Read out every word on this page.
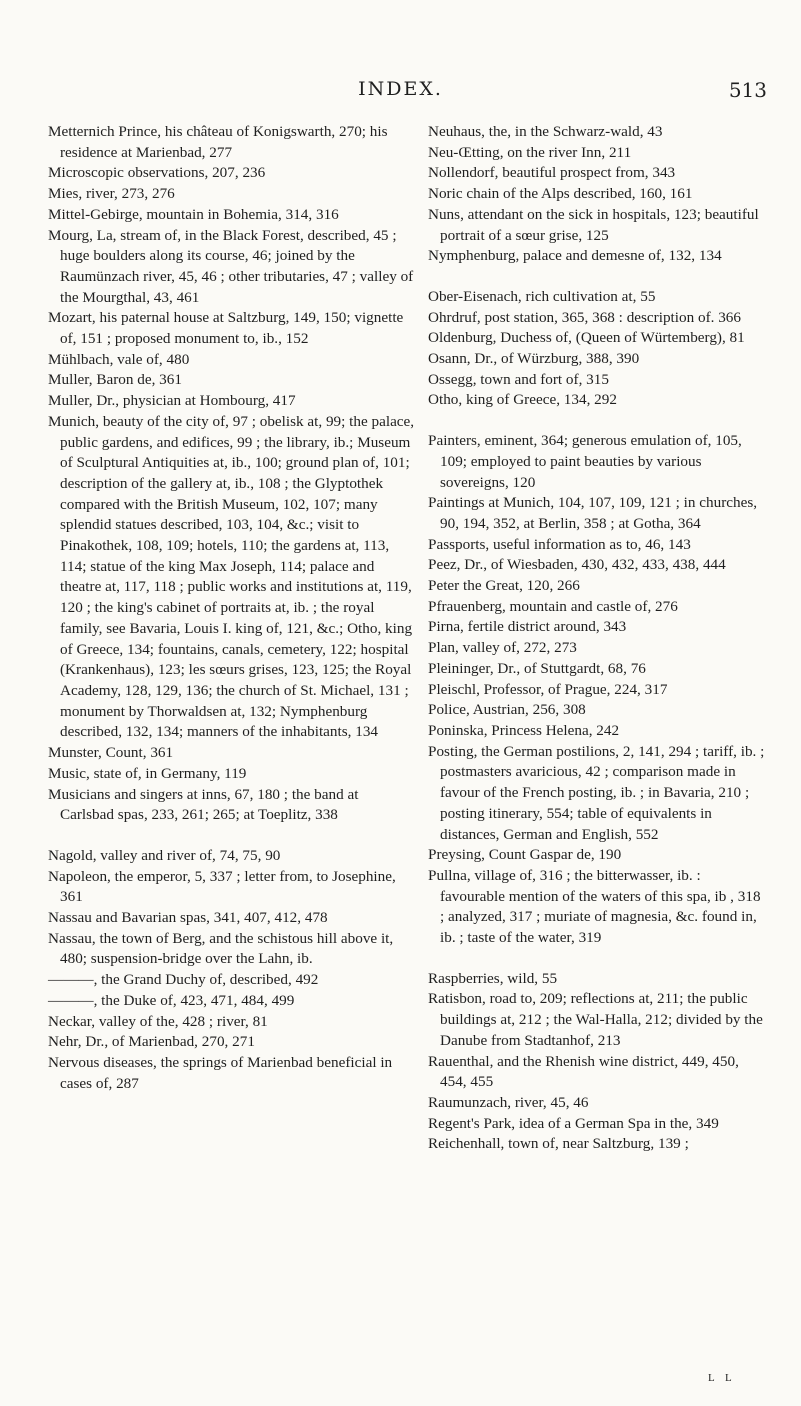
INDEX.	513

Metternich Prince, his château of Konigswarth, 270; his residence at Marienbad, 277

Microscopic observations, 207, 236

Mies, river, 273, 276

Mittel-Gebirge, mountain in Bohemia, 314, 316

Mourg, La, stream of, in the Black Forest, described, 45 ; huge boulders along its course, 46; joined by the Raumünzach river, 45, 46 ; other tributaries, 47 ; valley of the Mourgthal, 43, 461

Mozart, his paternal house at Saltzburg, 149, 150; vignette of, 151 ; proposed monument to, ib., 152

Mühlbach, vale of, 480

Muller, Baron de, 361

Muller, Dr., physician at Hombourg, 417

Munich, beauty of the city of, 97 ; obelisk at, 99; the palace, public gardens, and edifices, 99 ; the library, ib.; Museum of Sculptural Antiquities at, ib., 100; ground plan of, 101; description of the gallery at, ib., 108 ; the Glyptothek compared with the British Museum, 102, 107; many splendid statues described, 103, 104, &c.; visit to Pinakothek, 108, 109; hotels, 110; the gardens at, 113, 114; statue of the king Max Joseph, 114; palace and theatre at, 117, 118 ; public works and institutions at, 119, 120 ; the king's cabinet of portraits at, ib. ; the royal family, see Bavaria, Louis I. king of, 121, &c.; Otho, king of Greece, 134; fountains, canals, cemetery, 122; hospital (Krankenhaus), 123; les sœurs grises, 123, 125; the Royal Academy, 128, 129, 136; the church of St. Michael, 131 ; monument by Thorwaldsen at, 132; Nymphenburg described, 132, 134; manners of the inhabitants, 134

Munster, Count, 361

Music, state of, in Germany, 119

Musicians and singers at inns, 67, 180 ; the band at Carlsbad spas, 233, 261; 265; at Toeplitz, 338

Nagold, valley and river of, 74, 75, 90

Napoleon, the emperor, 5, 337 ; letter from, to Josephine, 361

Nassau and Bavarian spas, 341, 407, 412, 478

Nassau, the town of Berg, and the schistous hill above it, 480; suspension-bridge over the Lahn, ib.

———, the Grand Duchy of, described, 492

———, the Duke of, 423, 471, 484, 499

Neckar, valley of the, 428 ; river, 81

Nehr, Dr., of Marienbad, 270, 271

Nervous diseases, the springs of Marienbad beneficial in cases of, 287

Neuhaus, the, in the Schwarz-wald, 43

Neu-Œtting, on the river Inn, 211

Nollendorf, beautiful prospect from, 343

Noric chain of the Alps described, 160, 161

Nuns, attendant on the sick in hospitals, 123; beautiful portrait of a sœur grise, 125

Nymphenburg, palace and demesne of, 132, 134

Ober-Eisenach, rich cultivation at, 55

Ohrdruf, post station, 365, 368 : description of. 366

Oldenburg, Duchess of, (Queen of Würtemberg), 81

Osann, Dr., of Würzburg, 388, 390

Ossegg, town and fort of, 315

Otho, king of Greece, 134, 292

Painters, eminent, 364; generous emulation of, 105, 109; employed to paint beauties by various sovereigns, 120

Paintings at Munich, 104, 107, 109, 121 ; in churches, 90, 194, 352, at Berlin, 358 ; at Gotha, 364

Passports, useful information as to, 46, 143

Peez, Dr., of Wiesbaden, 430, 432, 433, 438, 444

Peter the Great, 120, 266

Pfrauenberg, mountain and castle of, 276

Pirna, fertile district around, 343

Plan, valley of, 272, 273

Pleininger, Dr., of Stuttgardt, 68, 76

Pleischl, Professor, of Prague, 224, 317

Police, Austrian, 256, 308

Poninska, Princess Helena, 242

Posting, the German postilions, 2, 141, 294 ; tariff, ib. ; postmasters avaricious, 42 ; comparison made in favour of the French posting, ib. ; in Bavaria, 210 ; posting itinerary, 554; table of equivalents in distances, German and English, 552

Preysing, Count Gaspar de, 190

Pullna, village of, 316 ; the bitterwasser, ib. : favourable mention of the waters of this spa, ib , 318 ; analyzed, 317 ; muriate of magnesia, &c. found in, ib. ; taste of the water, 319

Raspberries, wild, 55

Ratisbon, road to, 209; reflections at, 211; the public buildings at, 212 ; the Wal-Halla, 212; divided by the Danube from Stadtanhof, 213

Rauenthal, and the Rhenish wine district, 449, 450, 454, 455

Raumunzach, river, 45, 46

Regent's Park, idea of a German Spa in the, 349

Reichenhall, town of, near Saltzburg, 139 ;

L L
